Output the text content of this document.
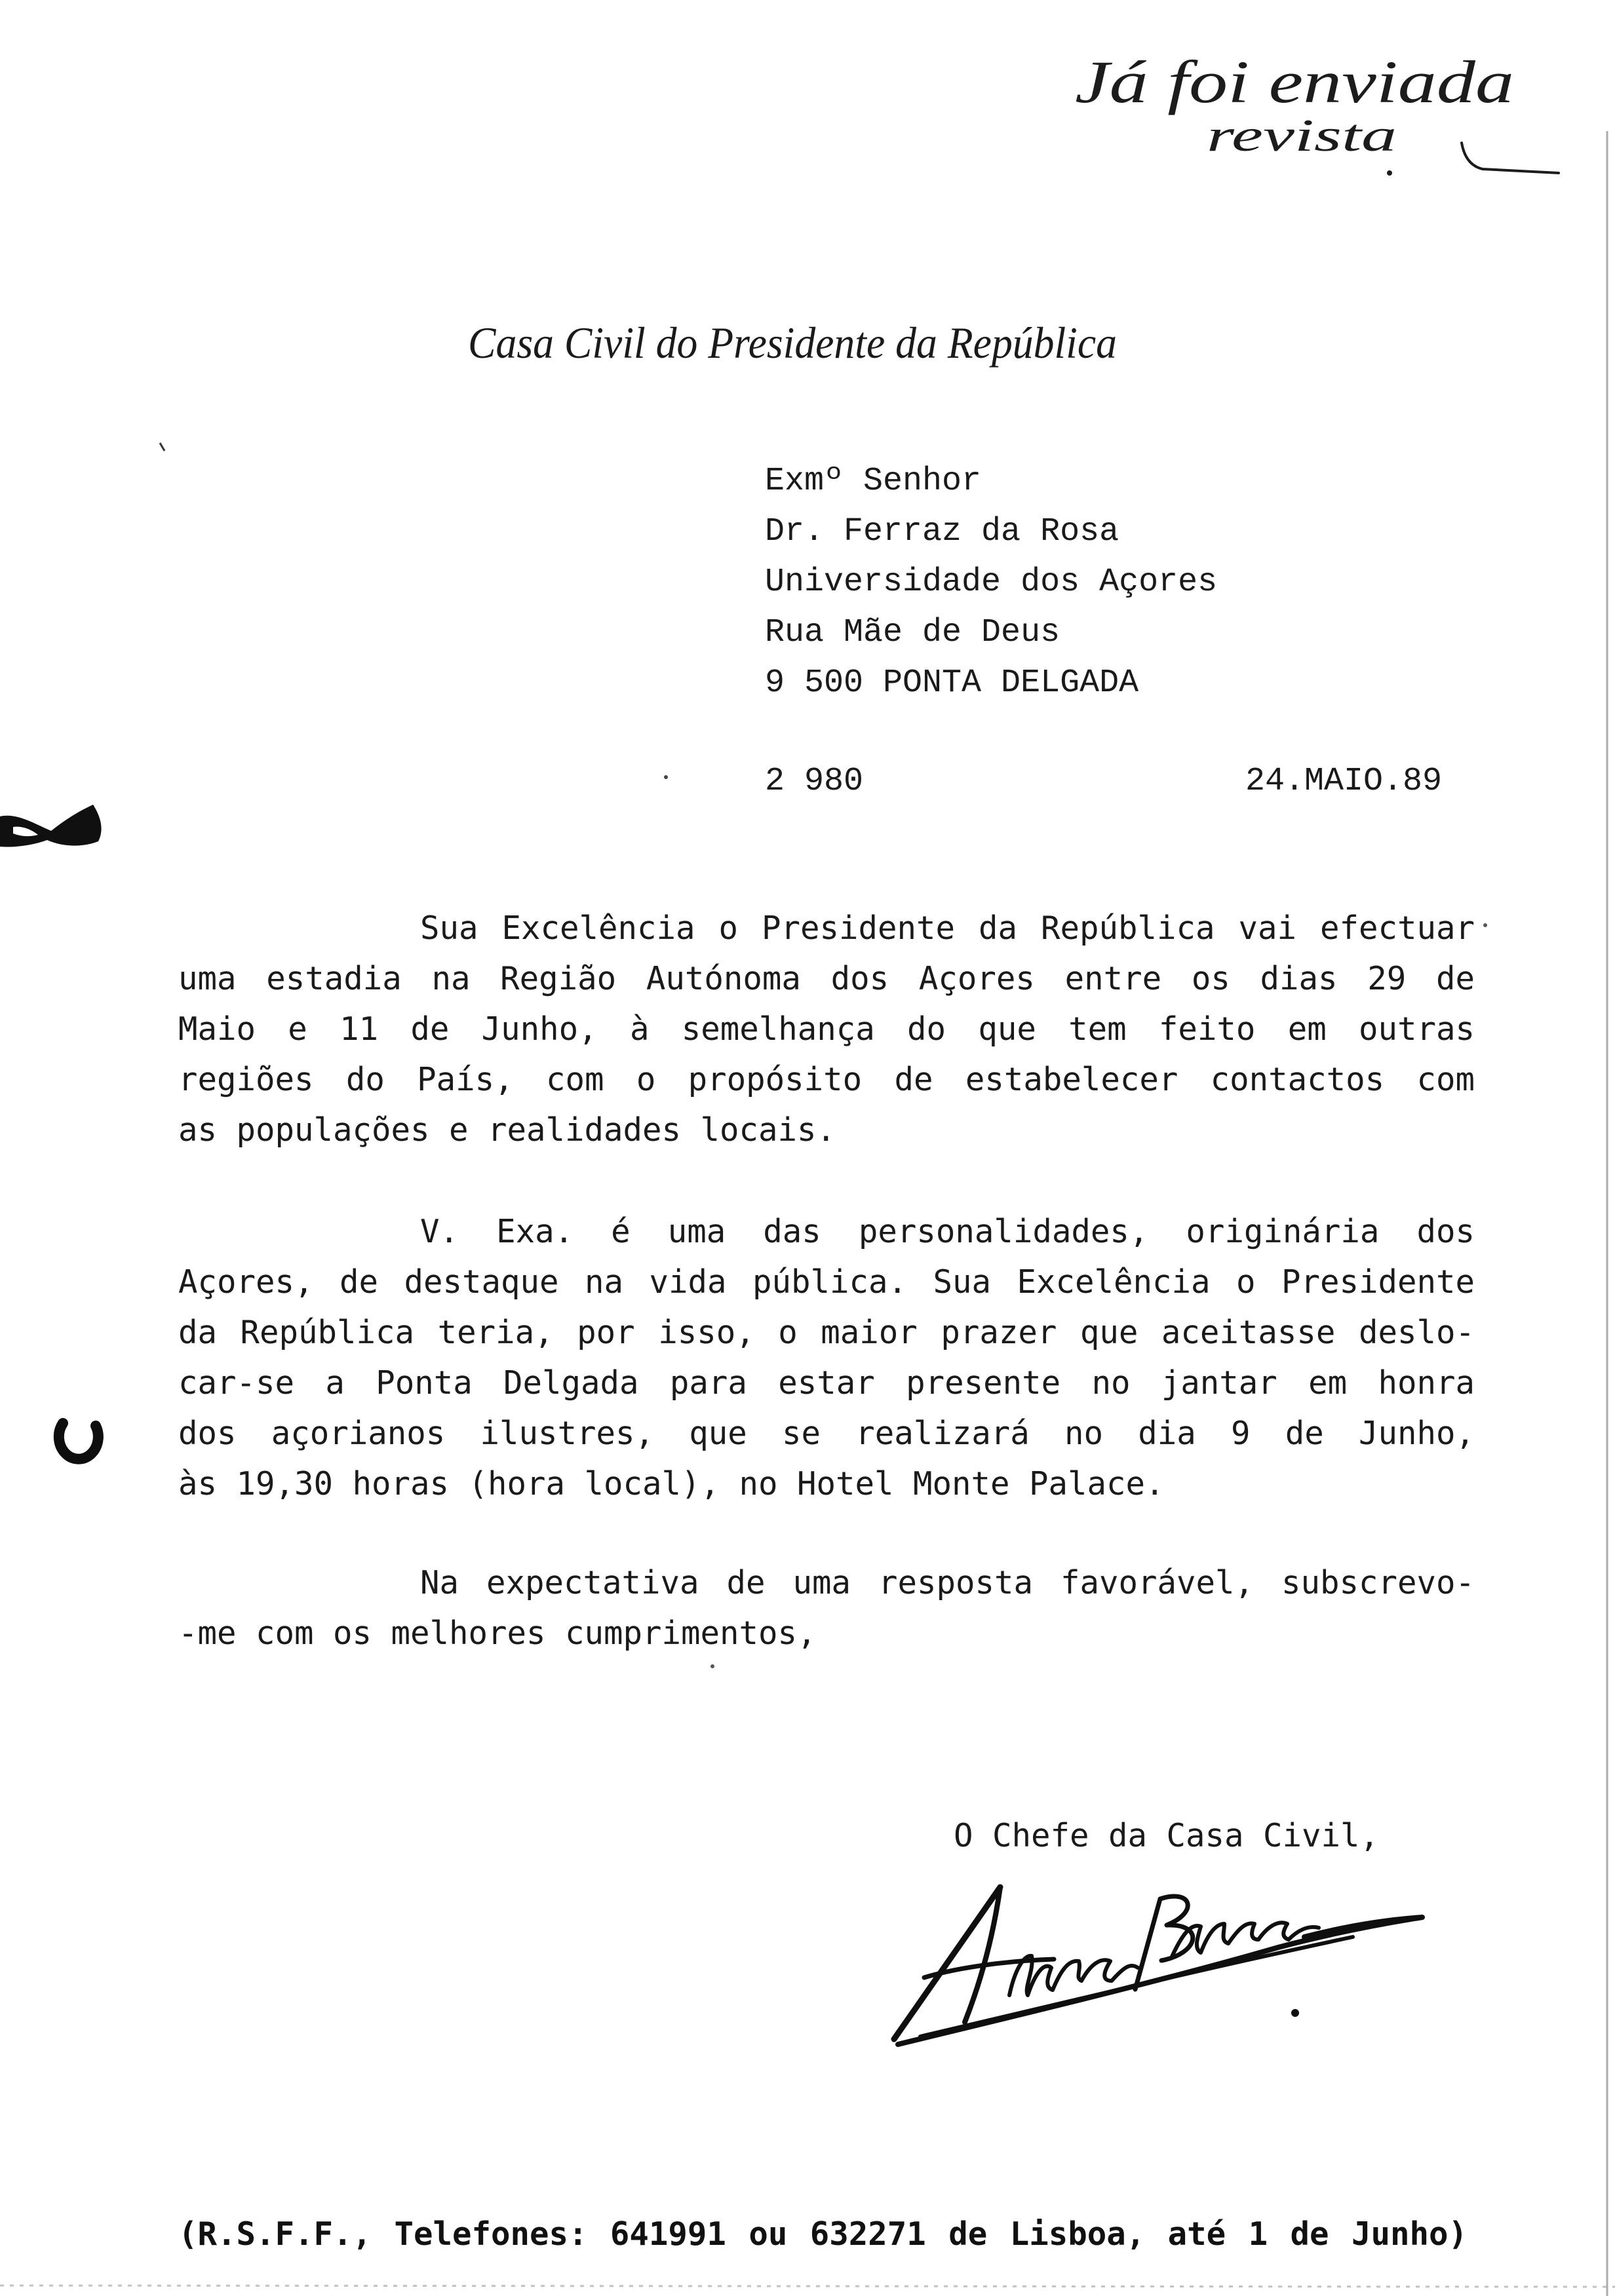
Já foi enviada
revista
Casa Civil do Presidente da República
Exmº Senhor
Dr. Ferraz da Rosa
Universidade dos Açores
Rua Mãe de Deus
9 500 PONTA DELGADA
2 980	24.MAIO.89
Sua Excelência o Presidente da República vai efectuar
uma estadia na Região Autónoma dos Açores entre os dias 29 de
Maio e 11 de Junho, à semelhança do que tem feito em outras
regiões do País, com o propósito de estabelecer contactos com
as populações e realidades locais.
V. Exa. é uma das personalidades, originária dos
Açores, de destaque na vida pública. Sua Excelência o Presidente
da República teria, por isso, o maior prazer que aceitasse deslo-
car-se a Ponta Delgada para estar presente no jantar em honra
dos açorianos ilustres, que se realizará no dia 9 de Junho,
às 19,30 horas (hora local), no Hotel Monte Palace.
Na expectativa de uma resposta favorável, subscrevo-
-me com os melhores cumprimentos,
O Chefe da Casa Civil,
(R.S.F.F., Telefones: 641991 ou 632271 de Lisboa, até 1 de Junho)
